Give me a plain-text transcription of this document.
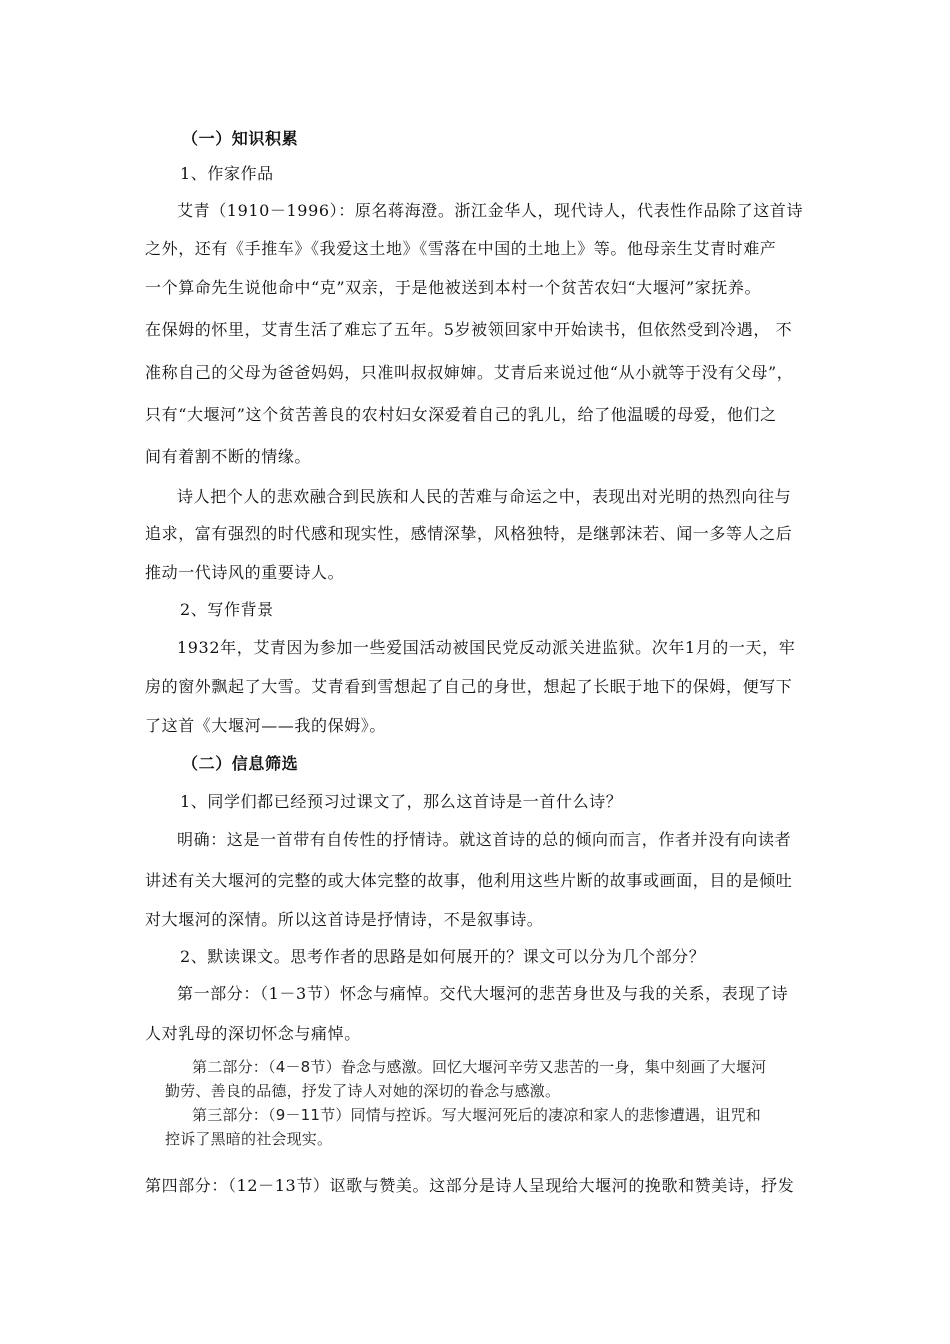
（一）知识积累
1、作家作品
艾青（1910－1996）：原名蒋海澄。浙江金华人，现代诗人，代表性作品除了这首诗
之外，还有《手推车》《我爱这土地》《雪落在中国的土地上》等。他母亲生艾青时难产
一个算命先生说他命中“克”双亲，于是他被送到本村一个贫苦农妇“大堰河”家抚养。
在保姆的怀里，艾青生活了难忘了五年。5岁被领回家中开始读书，但依然受到冷遇， 不
准称自己的父母为爸爸妈妈，只准叫叔叔婶婶。艾青后来说过他“从小就等于没有父母”，
只有“大堰河”这个贫苦善良的农村妇女深爱着自己的乳儿，给了他温暖的母爱，他们之
间有着割不断的情缘。
诗人把个人的悲欢融合到民族和人民的苦难与命运之中，表现出对光明的热烈向往与
追求，富有强烈的时代感和现实性，感情深挚，风格独特，是继郭沫若、闻一多等人之后
推动一代诗风的重要诗人。
2、写作背景
1932年，艾青因为参加一些爱国活动被国民党反动派关进监狱。次年1月的一天，牢
房的窗外飘起了大雪。艾青看到雪想起了自己的身世，想起了长眠于地下的保姆，便写下
了这首《大堰河——我的保姆》。
（二）信息筛选
1、同学们都已经预习过课文了，那么这首诗是一首什么诗？
明确：这是一首带有自传性的抒情诗。就这首诗的总的倾向而言，作者并没有向读者
讲述有关大堰河的完整的或大体完整的故事，他利用这些片断的故事或画面，目的是倾吐
对大堰河的深情。所以这首诗是抒情诗，不是叙事诗。
2、默读课文。思考作者的思路是如何展开的？课文可以分为几个部分？
第一部分：（1－3节）怀念与痛悼。交代大堰河的悲苦身世及与我的关系，表现了诗
人对乳母的深切怀念与痛悼。
第二部分：（4－8节）眷念与感激。回忆大堰河辛劳又悲苦的一身，集中刻画了大堰河
勤劳、善良的品德，抒发了诗人对她的深切的眷念与感激。
第三部分：（9－11节）同情与控诉。写大堰河死后的凄凉和家人的悲惨遭遇，诅咒和
控诉了黑暗的社会现实。
第四部分：（12－13节）讴歌与赞美。这部分是诗人呈现给大堰河的挽歌和赞美诗，抒发
